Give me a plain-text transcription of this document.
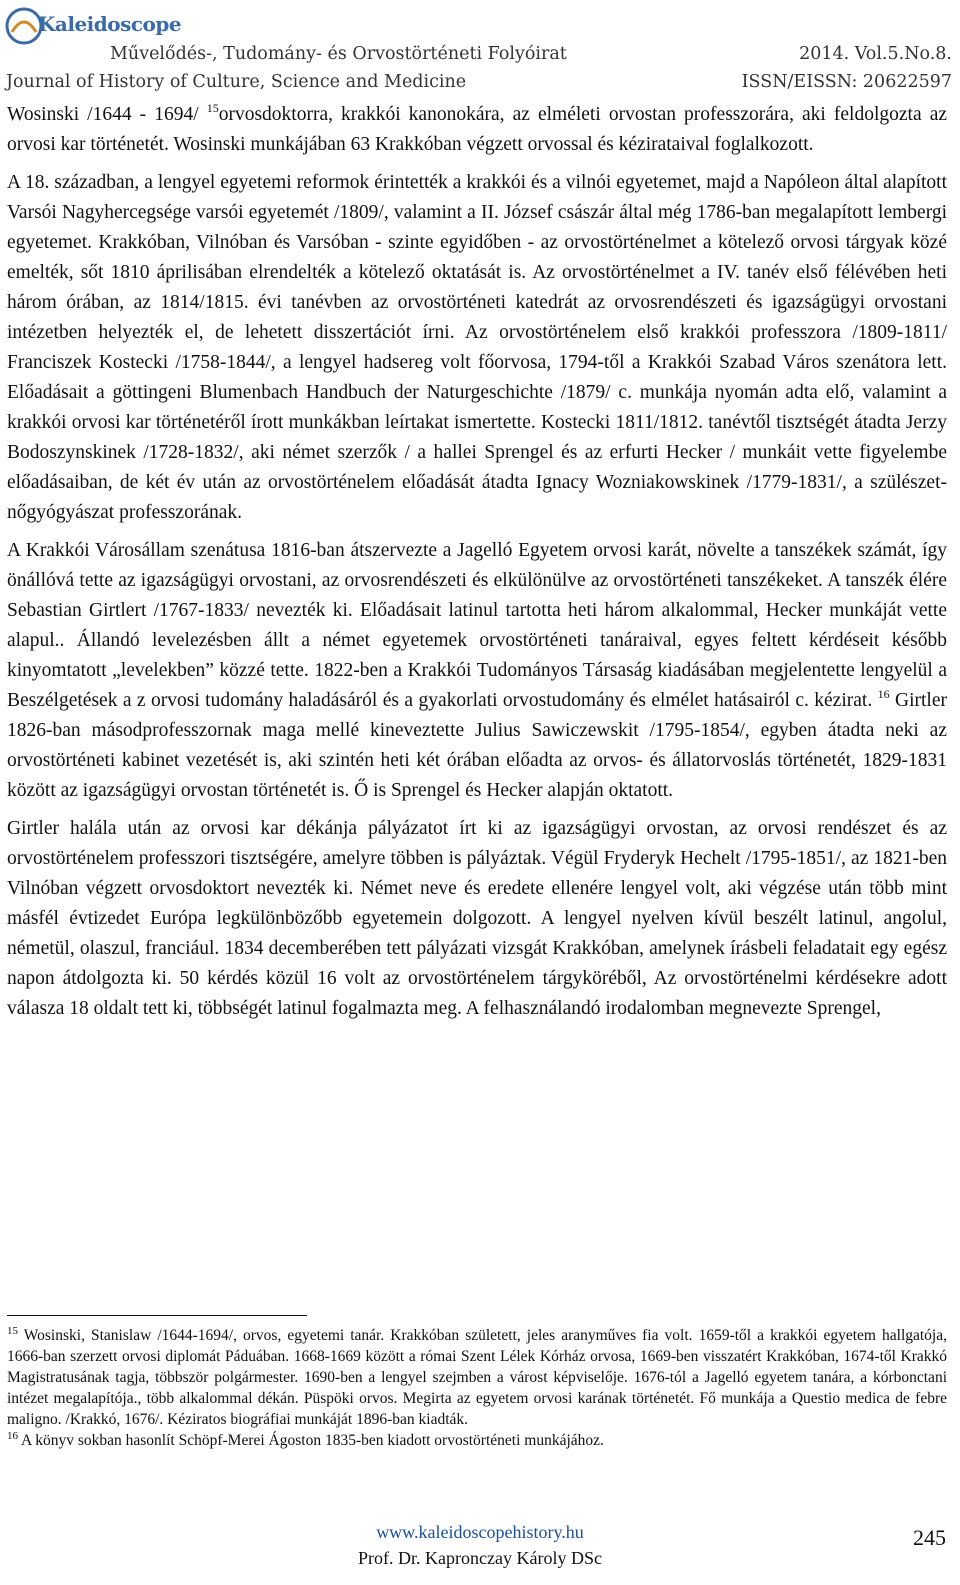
Kaleidoscope
Művelődés-, Tudomány- és Orvostörténeti Folyóirat	2014. Vol.5.No.8.
Journal of History of Culture, Science and Medicine	ISSN/EISSN: 20622597

Wosinski /1644 - 1694/ $^{15}$orvosdoktorra, krakkói kanonokára, az elméleti orvostan professzorára, aki feldolgozta az orvosi kar történetét. Wosinski munkájában 63 Krakkóban végzett orvossal és kézirataival foglalkozott.

A 18. században, a lengyel egyetemi reformok érintették a krakkói és a vilnói egyetemet, majd a Napóleon által alapított Varsói Nagyhercegsége varsói egyetemét /1809/, valamint a II. József császár által még 1786-ban megalapított lembergi egyetemet. Krakkóban, Vilnóban és Varsóban - szinte egyidőben - az orvostörténelmet a kötelező orvosi tárgyak közé emelték, sőt 1810 áprilisában elrendelték a kötelező oktatását is. Az orvostörténelmet a IV. tanév első félévében heti három órában, az 1814/1815. évi tanévben az orvostörténeti katedrát az orvosrendészeti és igazságügyi orvostani intézetben helyezték el, de lehetett disszertációt írni. Az orvostörténelem első krakkói professzora /1809-1811/ Franciszek Kostecki /1758-1844/, a lengyel hadsereg volt főorvosa, 1794-től a Krakkói Szabad Város szenátora lett. Előadásait a göttingeni Blumenbach Handbuch der Naturgeschichte /1879/ c. munkája nyomán adta elő, valamint a krakkói orvosi kar történetéről írott munkákban leírtakat ismertette. Kostecki 1811/1812. tanévtől tisztségét átadta Jerzy Bodoszynskinek /1728-1832/, aki német szerzők / a hallei Sprengel és az erfurti Hecker / munkáit vette figyelembe előadásaiban, de két év után az orvostörténelem előadását átadta Ignacy Wozniakowskinek /1779-1831/, a szülészet-nőgyógyászat professzorának.

A Krakkói Városállam szenátusa 1816-ban átszervezte a Jagelló Egyetem orvosi karát, növelte a tanszékek számát, így önállóvá tette az igazságügyi orvostani, az orvosrendészeti és elkülönülve az orvostörténeti tanszékeket. A tanszék élére Sebastian Girtlert /1767-1833/ nevezték ki. Előadásait latinul tartotta heti három alkalommal, Hecker munkáját vette alapul.. Állandó levelezésben állt a német egyetemek orvostörténeti tanáraival, egyes feltett kérdéseit később kinyomtatott „levelekben” közzé tette. 1822-ben a Krakkói Tudományos Társaság kiadásában megjelentette lengyelül a Beszélgetések a z orvosi tudomány haladásáról és a gyakorlati orvostudomány és elmélet hatásairól c. kézirat. $^{16}$ Girtler 1826-ban másodprofesszornak maga mellé kineveztette Julius Sawiczewskit /1795-1854/, egyben átadta neki az orvostörténeti kabinet vezetését is, aki szintén heti két órában előadta az orvos- és állatorvoslás történetét, 1829-1831 között az igazságügyi orvostan történetét is. Ő is Sprengel és Hecker alapján oktatott.

Girtler halála után az orvosi kar dékánja pályázatot írt ki az igazságügyi orvostan, az orvosi rendészet és az orvostörténelem professzori tisztségére, amelyre többen is pályáztak. Végül Fryderyk Hechelt /1795-1851/, az 1821-ben Vilnóban végzett orvosdoktort nevezték ki. Német neve és eredete ellenére lengyel volt, aki végzése után több mint másfél évtizedet Európa legkülönbözőbb egyetemein dolgozott. A lengyel nyelven kívül beszélt latinul, angolul, németül, olaszul, franciául. 1834 decemberében tett pályázati vizsgát Krakkóban, amelynek írásbeli feladatait egy egész napon átdolgozta ki. 50 kérdés közül 16 volt az orvostörténelem tárgyköréből, Az orvostörténelmi kérdésekre adott válasza 18 oldalt tett ki, többségét latinul fogalmazta meg. A felhasználandó irodalomban megnevezte Sprengel,

$^{15}$ Wosinski, Stanislaw /1644-1694/, orvos, egyetemi tanár. Krakkóban született, jeles aranyműves fia volt. 1659-től a krakkói egyetem hallgatója, 1666-ban szerzett orvosi diplomát Páduában. 1668-1669 között a római Szent Lélek Kórház orvosa, 1669-ben visszatért Krakkóban, 1674-től Krakkó Magistratusának tagja, többször polgármester. 1690-ben a lengyel szejmben a várost képviselője. 1676-tól a Jagelló egyetem tanára, a kórbonctani intézet megalapítója., több alkalommal dékán. Püspöki orvos. Megirta az egyetem orvosi karának történetét. Fő munkája a Questio medica de febre maligno. /Krakkó, 1676/. Kéziratos biográfiai munkáját 1896-ban kiadták.

$^{16}$ A könyv sokban hasonlít Schöpf-Merei Ágoston 1835-ben kiadott orvostörténeti munkájához.

www.kaleidoscopehistory.hu
Prof. Dr. Kapronczay Károly DSc
245
